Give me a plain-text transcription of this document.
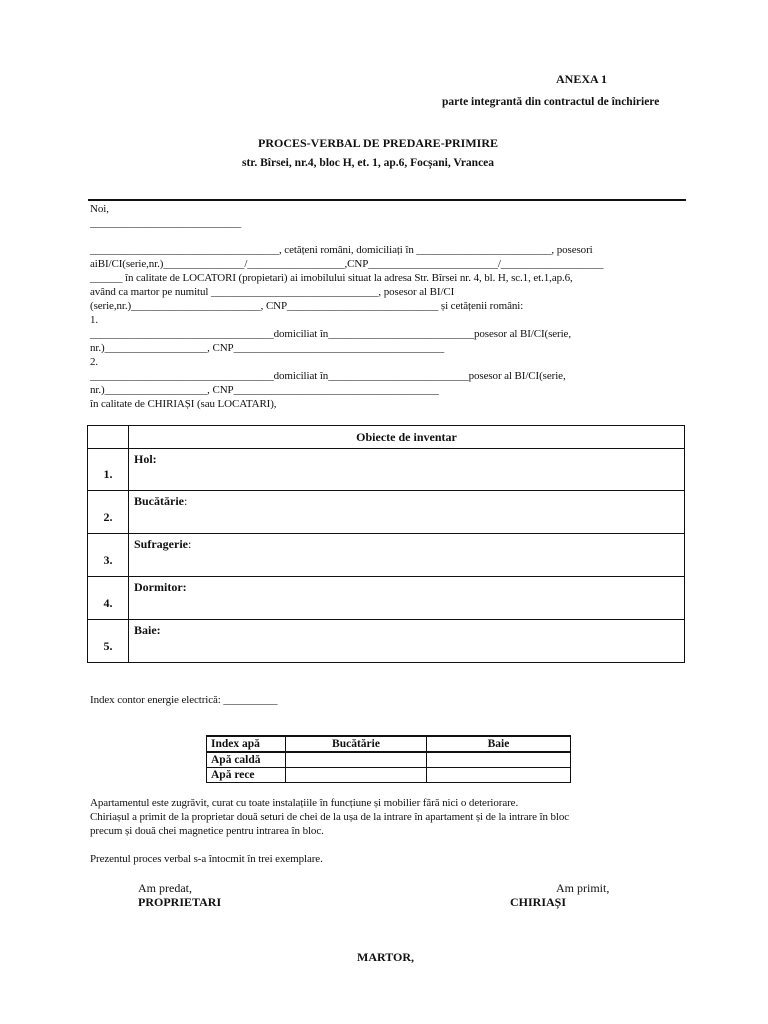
ANEXA 1
parte integrantă din contractul de închiriere
PROCES-VERBAL DE PREDARE-PRIMIRE
str. Bîrsei, nr.4, bloc H, et. 1, ap.6, Focșani, Vrancea
Noi,
____________________________
___________________________________, cetățeni români, domiciliați în _________________________, posesori
aiBI/CI(serie,nr.)_______________/__________________,CNP________________________/___________________
______ în calitate de LOCATORI (propietari) ai imobilului situat la adresa Str. Bîrsei nr. 4, bl. H, sc.1, et.1,ap.6,
având ca martor pe numitul _______________________________, posesor al BI/CI
(serie,nr.)________________________, CNP____________________________ și cetățenii români:
1.
__________________________________domiciliat în___________________________posesor al BI/CI(serie,
nr.)___________________, CNP_______________________________________
2.
__________________________________domiciliat în__________________________posesor al BI/CI(serie,
nr.)___________________, CNP______________________________________
în calitate de CHIRIAȘI (sau LOCATARI),
	Obiecte de inventar
1.	Hol:
2.	Bucătărie:
3.	Sufragerie:
4.	Dormitor:
5.	Baie:
Index contor energie electrică: __________
Index apă	Bucătărie	Baie
Apă caldă		
Apă rece		
Apartamentul este zugrăvit, curat cu toate instalațiile în funcțiune și mobilier fără nici o deteriorare.
Chiriașul a primit de la proprietar două seturi de chei de la ușa de la intrare în apartament și de la intrare în bloc
precum și două chei magnetice pentru intrarea în bloc.
Prezentul proces verbal s-a întocmit în trei exemplare.
Am predat,
PROPRIETARI
Am primit,
CHIRIAȘI
MARTOR,
